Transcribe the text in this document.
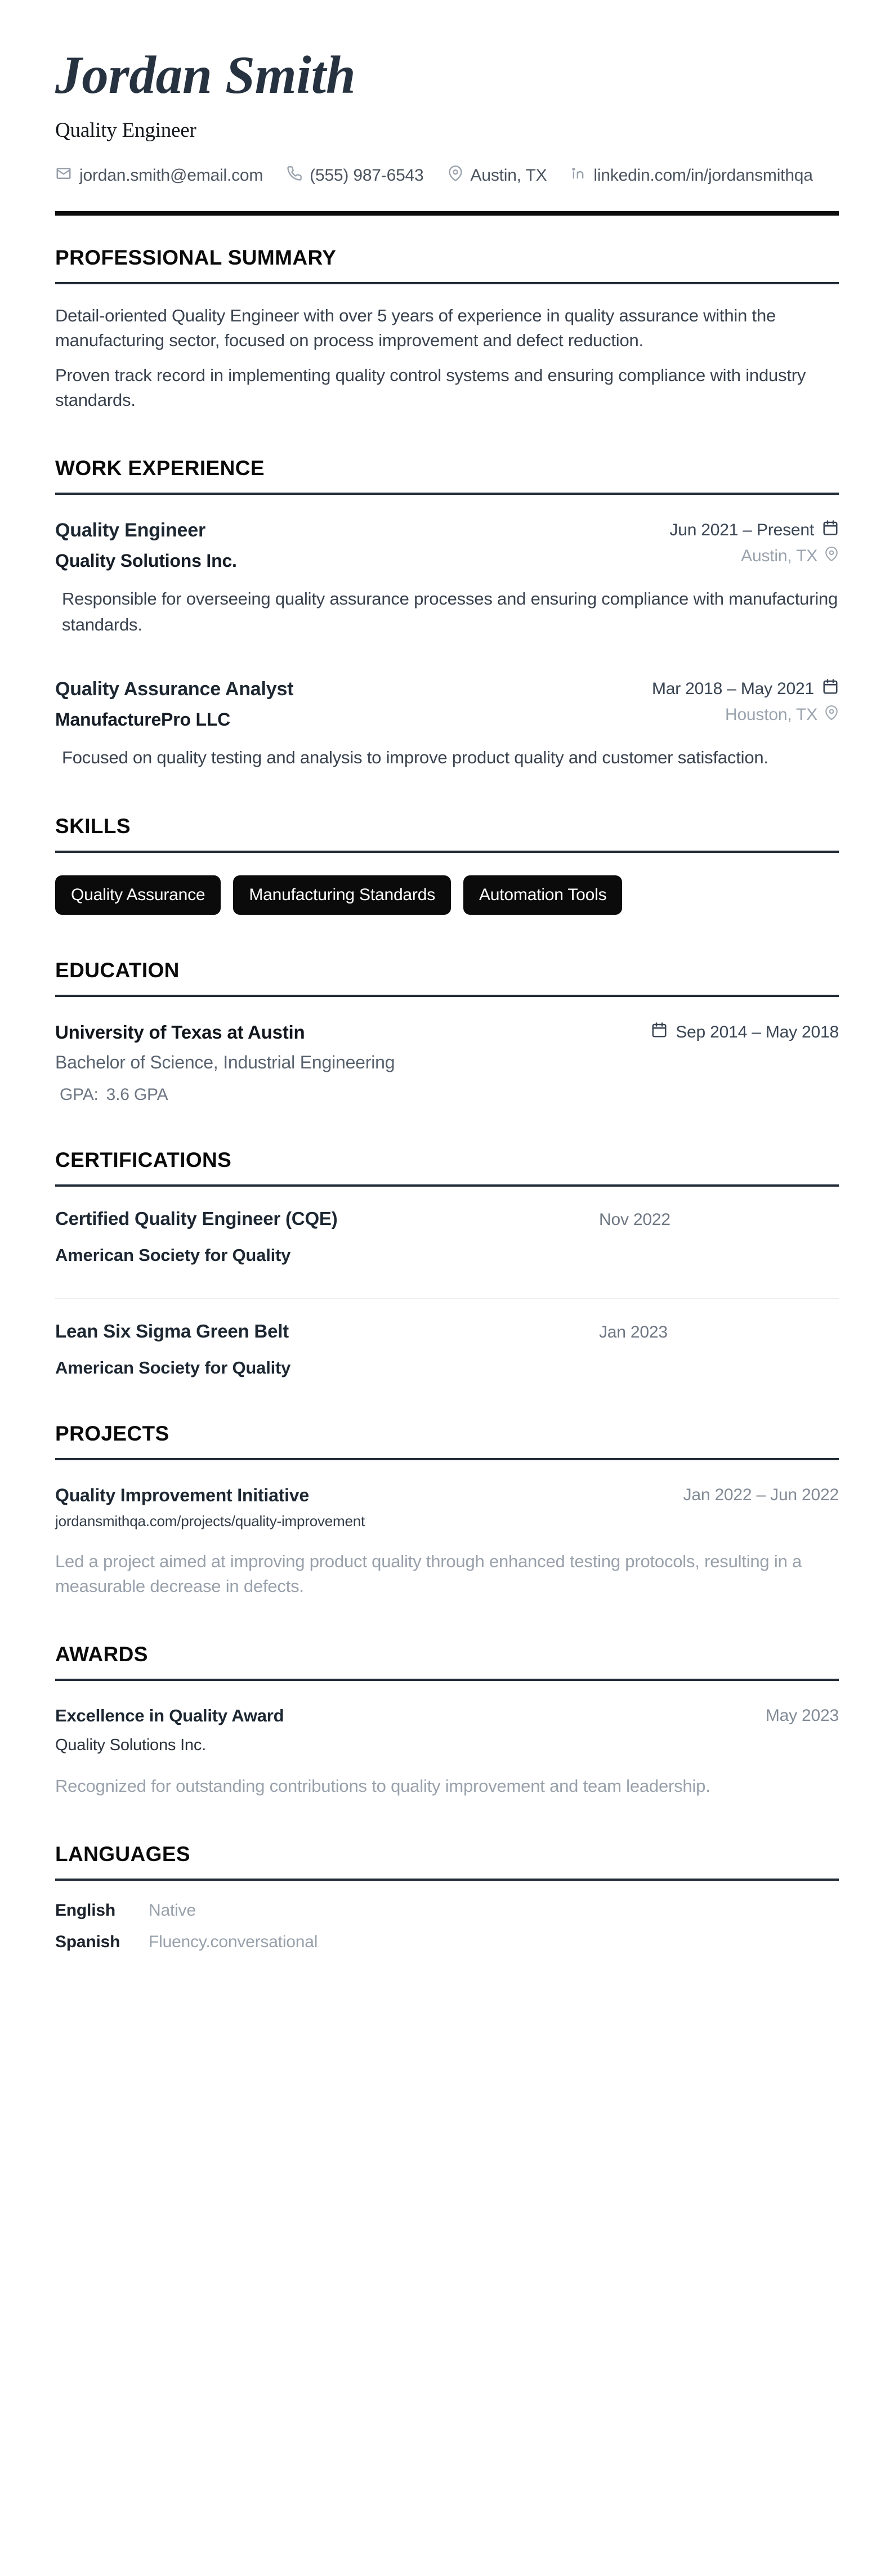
Jordan Smith
Quality Engineer
jordan.smith@email.com	(555) 987-6543	Austin, TX	linkedin.com/in/jordansmithqa
PROFESSIONAL SUMMARY

Detail-oriented Quality Engineer with over 5 years of experience in quality assurance within the manufacturing sector, focused on process improvement and defect reduction.

Proven track record in implementing quality control systems and ensuring compliance with industry standards.

WORK EXPERIENCE
Quality Engineer	Jun 2021 – Present
Quality Solutions Inc.	Austin, TX
Responsible for overseeing quality assurance processes and ensuring compliance with manufacturing standards.
Quality Assurance Analyst	Mar 2018 – May 2021
ManufacturePro LLC	Houston, TX
Focused on quality testing and analysis to improve product quality and customer satisfaction.
SKILLS
Quality Assurance	Manufacturing Standards	Automation Tools
EDUCATION
University of Texas at Austin	Sep 2014 – May 2018
Bachelor of Science, Industrial Engineering
GPA: 3.6 GPA
CERTIFICATIONS
Certified Quality Engineer (CQE)	Nov 2022
American Society for Quality
Lean Six Sigma Green Belt	Jan 2023
American Society for Quality
PROJECTS
Quality Improvement Initiative	Jan 2022 – Jun 2022
jordansmithqa.com/projects/quality-improvement
Led a project aimed at improving product quality through enhanced testing protocols, resulting in a measurable decrease in defects.
AWARDS
Excellence in Quality Award	May 2023
Quality Solutions Inc.
Recognized for outstanding contributions to quality improvement and team leadership.
LANGUAGES
English	Native
Spanish	Fluency.conversational
